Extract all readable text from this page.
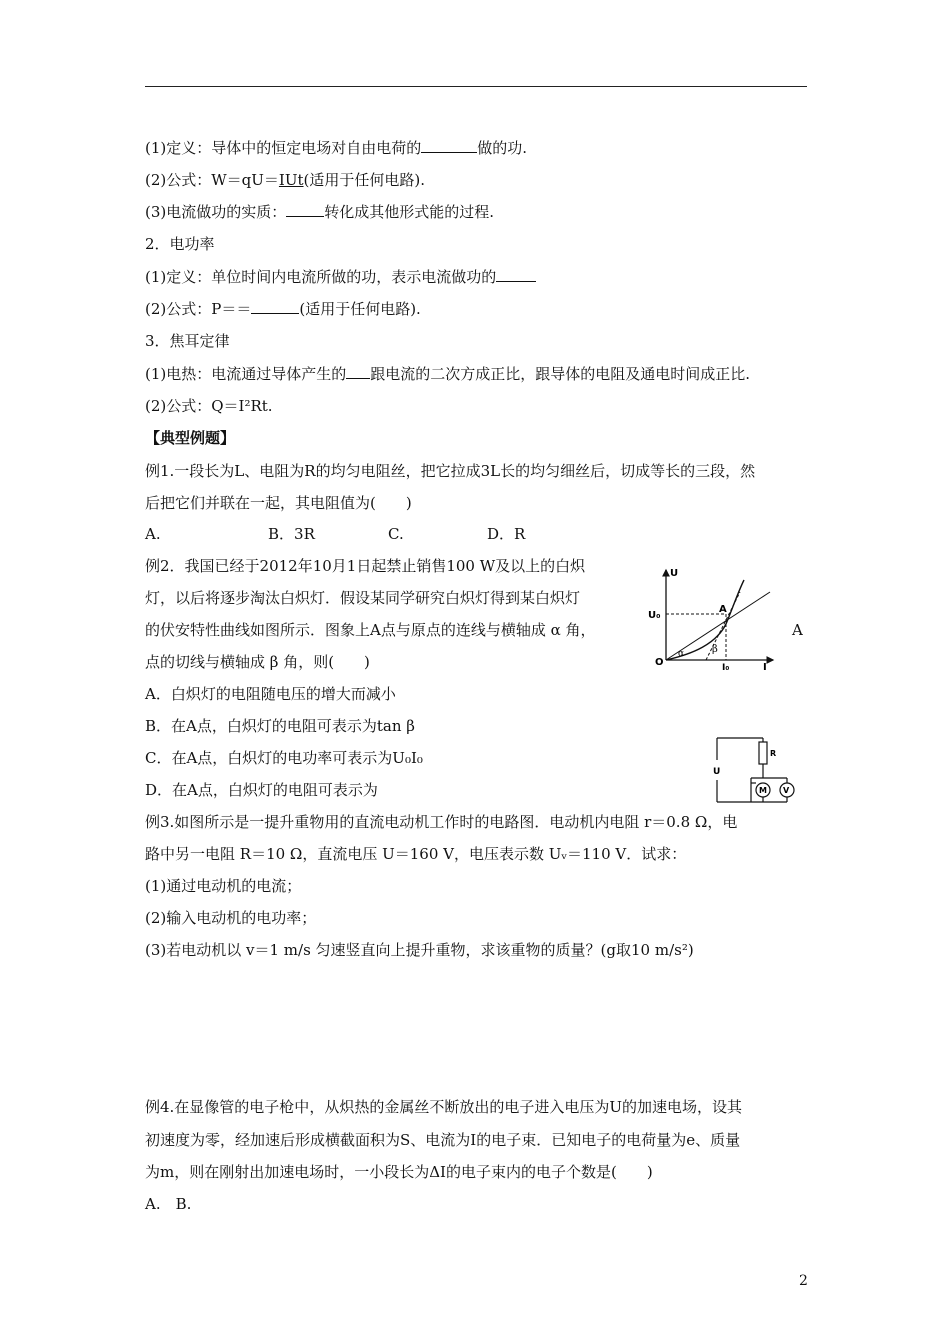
(1)定义：导体中的恒定电场对自由电荷的	做的功.
(2)公式：W＝qU＝IUt(适用于任何电路).
(3)电流做功的实质：	转化成其他形式能的过程.
2．电功率
(1)定义：单位时间内电流所做的功，表示电流做功的
(2)公式：P＝＝	(适用于任何电路).
3．焦耳定律
(1)电热：电流通过导体产生的 跟电流的二次方成正比，跟导体的电阻及通电时间成正比.
(2)公式：Q＝I²Rt.
【典型例题】
例1.一段长为L、电阻为R的均匀电阻丝，把它拉成3L长的均匀细丝后，切成等长的三段，然
后把它们并联在一起，其电阻值为(　　)
A.	B．3R	C.	D．R
例2．我国已经于2012年10月1日起禁止销售100 W及以上的白炽
灯，以后将逐步淘汰白炽灯．假设某同学研究白炽灯得到某白炽灯
的伏安特性曲线如图所示．图象上A点与原点的连线与横轴成 α 角，	A
点的切线与横轴成 β 角，则(　　)
A．白炽灯的电阻随电压的增大而减小
B．在A点，白炽灯的电阻可表示为tan β
C．在A点，白炽灯的电功率可表示为U₀I₀
D．在A点，白炽灯的电阻可表示为
U
I
U₀
I₀
O
A
α	β
U
R
M V
例3.如图所示是一提升重物用的直流电动机工作时的电路图．电动机内电阻 r＝0.8 Ω，电
路中另一电阻 R＝10 Ω，直流电压 U＝160 V，电压表示数 Uᵥ＝110 V．试求：
(1)通过电动机的电流；
(2)输入电动机的电功率；
(3)若电动机以 v＝1 m/s 匀速竖直向上提升重物，求该重物的质量？(g取10 m/s²)
例4.在显像管的电子枪中，从炽热的金属丝不断放出的电子进入电压为U的加速电场，设其
初速度为零，经加速后形成横截面积为S、电流为I的电子束．已知电子的电荷量为e、质量
为m，则在刚射出加速电场时，一小段长为ΔI的电子束内的电子个数是(　　)
A.　B.
2
